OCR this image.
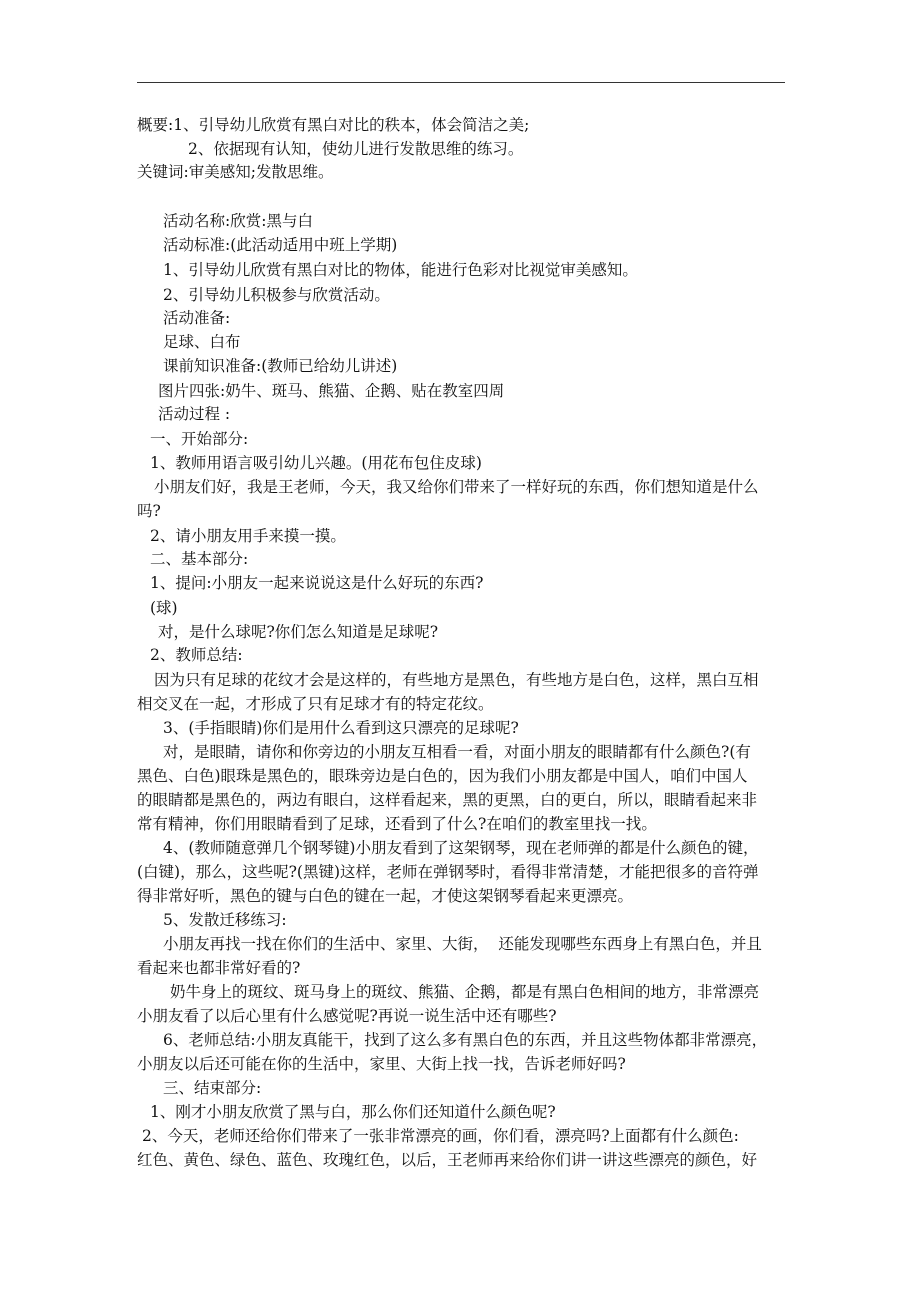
概要:1、引导幼儿欣赏有黑白对比的秩本，体会简洁之美;
2、依据现有认知，使幼儿进行发散思维的练习。
关键词:审美感知;发散思维。
活动名称:欣赏:黑与白
活动标准:(此活动适用中班上学期)
1、引导幼儿欣赏有黑白对比的物体，能进行色彩对比视觉审美感知。
2、引导幼儿积极参与欣赏活动。
活动准备:
足球、白布
课前知识准备:(教师已给幼儿讲述)
图片四张:奶牛、斑马、熊猫、企鹅、贴在教室四周
活动过程 :
一、开始部分:
1、教师用语言吸引幼儿兴趣。(用花布包住皮球)
小朋友们好，我是王老师，今天，我又给你们带来了一样好玩的东西，你们想知道是什么
吗?
2、请小朋友用手来摸一摸。
二、基本部分:
1、提问:小朋友一起来说说这是什么好玩的东西?
(球)
对，是什么球呢?你们怎么知道是足球呢?
2、教师总结:
因为只有足球的花纹才会是这样的，有些地方是黑色，有些地方是白色，这样，黑白互相
相交叉在一起，才形成了只有足球才有的特定花纹。
3、(手指眼睛)你们是用什么看到这只漂亮的足球呢?
对，是眼睛，请你和你旁边的小朋友互相看一看，对面小朋友的眼睛都有什么颜色?(有
黑色、白色)眼珠是黑色的，眼珠旁边是白色的，因为我们小朋友都是中国人，咱们中国人
的眼睛都是黑色的，两边有眼白，这样看起来，黑的更黑，白的更白，所以，眼睛看起来非
常有精神，你们用眼睛看到了足球，还看到了什么?在咱们的教室里找一找。
4、(教师随意弹几个钢琴键)小朋友看到了这架钢琴，现在老师弹的都是什么颜色的键，
(白键)，那么，这些呢?(黑键)这样，老师在弹钢琴时，看得非常清楚，才能把很多的音符弹
得非常好听，黑色的键与白色的键在一起，才使这架钢琴看起来更漂亮。
5、发散迁移练习:
小朋友再找一找在你们的生活中、家里、大街，  还能发现哪些东西身上有黑白色，并且
看起来也都非常好看的?
奶牛身上的斑纹、斑马身上的斑纹、熊猫、企鹅，都是有黑白色相间的地方，非常漂亮
小朋友看了以后心里有什么感觉呢?再说一说生活中还有哪些?
6、老师总结:小朋友真能干，找到了这么多有黑白色的东西，并且这些物体都非常漂亮，
小朋友以后还可能在你的生活中，家里、大街上找一找，告诉老师好吗?
三、结束部分:
1、刚才小朋友欣赏了黑与白，那么你们还知道什么颜色呢?
2、今天，老师还给你们带来了一张非常漂亮的画，你们看，漂亮吗?上面都有什么颜色:
红色、黄色、绿色、蓝色、玫瑰红色，以后，王老师再来给你们讲一讲这些漂亮的颜色，好
